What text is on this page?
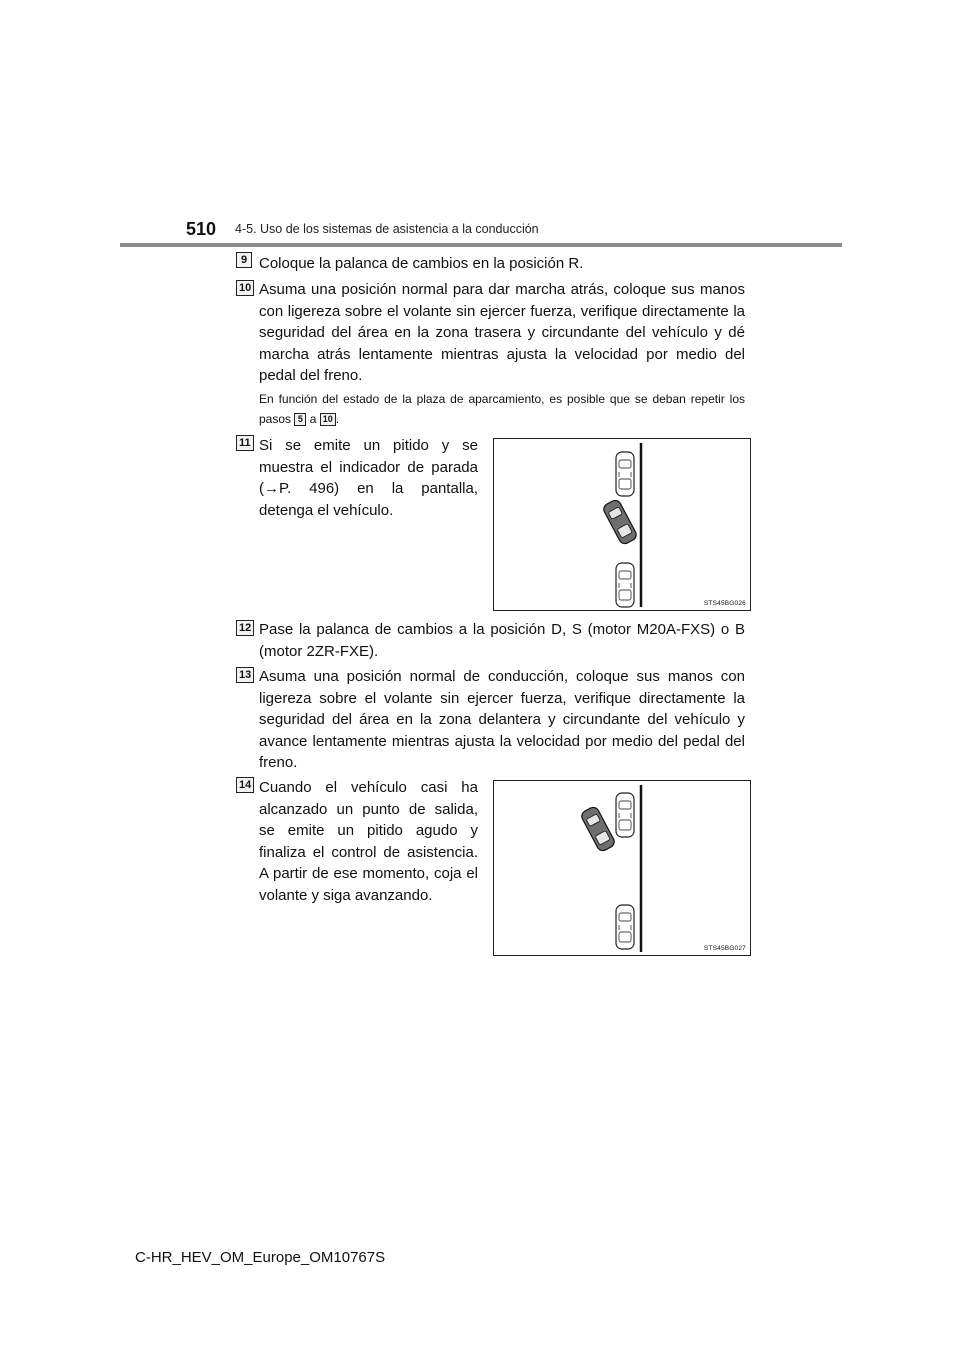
510 4-5. Uso de los sistemas de asistencia a la conducción
9 Coloque la palanca de cambios en la posición R.
10 Asuma una posición normal para dar marcha atrás, coloque sus manos con ligereza sobre el volante sin ejercer fuerza, verifique directamente la seguridad del área en la zona trasera y circundante del vehículo y dé marcha atrás lentamente mientras ajusta la velocidad por medio del pedal del freno.
En función del estado de la plaza de aparcamiento, es posible que se deban repetir los pasos 5 a 10 .
11 Si se emite un pitido y se muestra el indicador de parada (→P. 496) en la pantalla, detenga el vehículo.
STS45BG026
12 Pase la palanca de cambios a la posición D, S (motor M20A-FXS) o B (motor 2ZR-FXE).
13 Asuma una posición normal de conducción, coloque sus manos con ligereza sobre el volante sin ejercer fuerza, verifique directamente la seguridad del área en la zona delantera y circundante del vehículo y avance lentamente mientras ajusta la velocidad por medio del pedal del freno.
14 Cuando el vehículo casi ha alcanzado un punto de salida, se emite un pitido agudo y finaliza el control de asistencia. A partir de ese momento, coja el volante y siga avanzando.
STS45BG027
C-HR_HEV_OM_Europe_OM10767S
